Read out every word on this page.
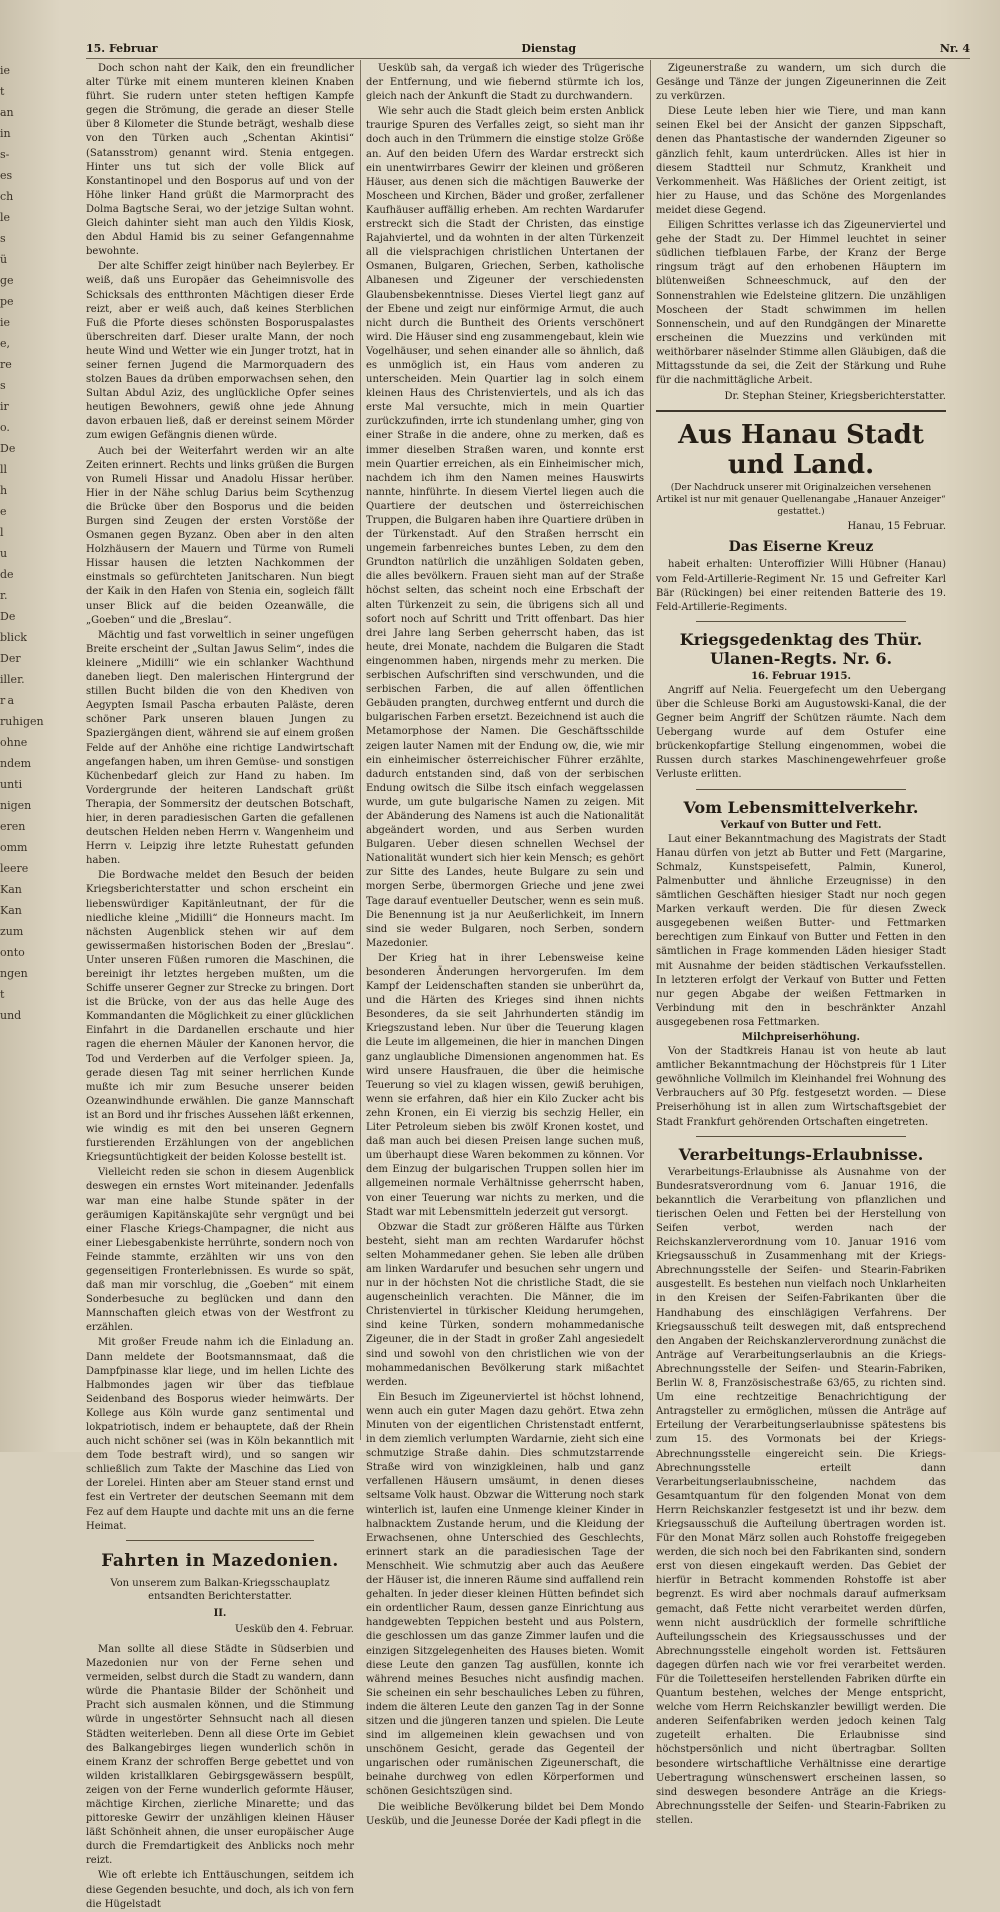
15. Februar	Dienstag	Nr. 4
ie
t
an
in
s-
es
ch
le
s
ü
ge
pe
ie
e,
re
s
ir
o.
De
ll
h
e
l
u
de
r.
De
blick
Der
iller.
r a
ruhigen
ohne
ndem
unti
nigen
eren
omm
leere
Kan
Kan
zum
onto
ngen
t
und

Doch schon naht der Kaik, den ein freundlicher alter Türke mit einem munteren kleinen Knaben führt. Sie rudern unter steten heftigen Kampfe gegen die Strömung, die gerade an dieser Stelle über 8 Kilometer die Stunde beträgt, weshalb diese von den Türken auch „Schentan Akintisi“ (Satansstrom) genannt wird. Stenia entgegen. Hinter uns tut sich der volle Blick auf Konstantinopel und den Bosporus auf und von der Höhe linker Hand grüßt die Marmorpracht des Dolma Bagtsche Serai, wo der jetzige Sultan wohnt. Gleich dahinter sieht man auch den Yildis Kiosk, den Abdul Hamid bis zu seiner Gefangennahme bewohnte.

Der alte Schiffer zeigt hinüber nach Beylerbey. Er weiß, daß uns Europäer das Geheimnisvolle des Schicksals des entthronten Mächtigen dieser Erde reizt, aber er weiß auch, daß keines Sterblichen Fuß die Pforte dieses schönsten Bosporuspalastes überschreiten darf. Dieser uralte Mann, der noch heute Wind und Wetter wie ein Junger trotzt, hat in seiner fernen Jugend die Marmorquadern des stolzen Baues da drüben emporwachsen sehen, den Sultan Abdul Aziz, des unglückliche Opfer seines heutigen Bewohners, gewiß ohne jede Ahnung davon erbauen ließ, daß er dereinst seinem Mörder zum ewigen Gefängnis dienen würde.

Auch bei der Weiterfahrt werden wir an alte Zeiten erinnert. Rechts und links grüßen die Burgen von Rumeli Hissar und Anadolu Hissar herüber. Hier in der Nähe schlug Darius beim Scythenzug die Brücke über den Bosporus und die beiden Burgen sind Zeugen der ersten Vorstöße der Osmanen gegen Byzanz. Oben aber in den alten Holzhäusern der Mauern und Türme von Rumeli Hissar hausen die letzten Nachkommen der einstmals so gefürchteten Janitscharen. Nun biegt der Kaik in den Hafen von Stenia ein, sogleich fällt unser Blick auf die beiden Ozeanwälle, die „Goeben“ und die „Breslau“.

Mächtig und fast vorweltlich in seiner ungefügen Breite erscheint der „Sultan Jawus Selim“, indes die kleinere „Midilli“ wie ein schlanker Wachthund daneben liegt. Den malerischen Hintergrund der stillen Bucht bilden die von den Khediven von Aegypten Ismail Pascha erbauten Paläste, deren schöner Park unseren blauen Jungen zu Spaziergängen dient, während sie auf einem großen Felde auf der Anhöhe eine richtige Landwirtschaft angefangen haben, um ihren Gemüse- und sonstigen Küchenbedarf gleich zur Hand zu haben. Im Vordergrunde der heiteren Landschaft grüßt Therapia, der Sommersitz der deutschen Botschaft, hier, in deren paradiesischen Garten die gefallenen deutschen Helden neben Herrn v. Wangenheim und Herrn v. Leipzig ihre letzte Ruhestatt gefunden haben.

Die Bordwache meldet den Besuch der beiden Kriegsberichterstatter und schon erscheint ein liebenswürdiger Kapitänleutnant, der für die niedliche kleine „Midilli“ die Honneurs macht. Im nächsten Augenblick stehen wir auf dem gewissermaßen historischen Boden der „Breslau“. Unter unseren Füßen rumoren die Maschinen, die bereinigt ihr letztes hergeben mußten, um die Schiffe unserer Gegner zur Strecke zu bringen. Dort ist die Brücke, von der aus das helle Auge des Kommandanten die Möglichkeit zu einer glücklichen Einfahrt in die Dardanellen erschaute und hier ragen die ehernen Mäuler der Kanonen hervor, die Tod und Verderben auf die Verfolger spieen. Ja, gerade diesen Tag mit seiner herrlichen Kunde mußte ich mir zum Besuche unserer beiden Ozeanwindhunde erwählen. Die ganze Mannschaft ist an Bord und ihr frisches Aussehen läßt erkennen, wie windig es mit den bei unseren Gegnern furstierenden Erzählungen von der angeblichen Kriegsuntüchtigkeit der beiden Kolosse bestellt ist.

Vielleicht reden sie schon in diesem Augenblick deswegen ein ernstes Wort miteinander. Jedenfalls war man eine halbe Stunde später in der geräumigen Kapitänskajüte sehr vergnügt und bei einer Flasche Kriegs-Champagner, die nicht aus einer Liebesgabenkiste herrührte, sondern noch von Feinde stammte, erzählten wir uns von den gegenseitigen Fronterlebnissen. Es wurde so spät, daß man mir vorschlug, die „Goeben“ mit einem Sonderbesuche zu beglücken und dann den Mannschaften gleich etwas von der Westfront zu erzählen.

Mit großer Freude nahm ich die Einladung an. Dann meldete der Bootsmannsmaat, daß die Dampfpinasse klar liege, und im hellen Lichte des Halbmondes jagen wir über das tiefblaue Seidenband des Bosporus wieder heimwärts. Der Kollege aus Köln wurde ganz sentimental und lokpatriotisch, indem er behauptete, daß der Rhein auch nicht schöner sei (was in Köln bekanntlich mit dem Tode bestraft wird), und so sangen wir schließlich zum Takte der Maschine das Lied von der Lorelei. Hinten aber am Steuer stand ernst und fest ein Vertreter der deutschen Seemann mit dem Fez auf dem Haupte und dachte mit uns an die ferne Heimat.

Fahrten in Mazedonien.
Von unserem zum Balkan-Kriegsschauplatz entsandten Berichterstatter.
II.
Uesküb den 4. Februar.

Man sollte all diese Städte in Südserbien und Mazedonien nur von der Ferne sehen und vermeiden, selbst durch die Stadt zu wandern, dann würde die Phantasie Bilder der Schönheit und Pracht sich ausmalen können, und die Stimmung würde in ungestörter Sehnsucht nach all diesen Städten weiterleben. Denn all diese Orte im Gebiet des Balkangebirges liegen wunderlich schön in einem Kranz der schroffen Berge gebettet und von wilden kristallklaren Gebirgsgewässern bespült, zeigen von der Ferne wunderlich geformte Häuser, mächtige Kirchen, zierliche Minarette; und das pittoreske Gewirr der unzähligen kleinen Häuser läßt Schönheit ahnen, die unser europäischer Auge durch die Fremdartigkeit des Anblicks noch mehr reizt.

Wie oft erlebte ich Enttäuschungen, seitdem ich diese Gegenden besuchte, und doch, als ich von fern die Hügelstadt

Uesküb sah, da vergaß ich wieder des Trügerische der Entfernung, und wie fiebernd stürmte ich los, gleich nach der Ankunft die Stadt zu durchwandern.

Wie sehr auch die Stadt gleich beim ersten Anblick traurige Spuren des Verfalles zeigt, so sieht man ihr doch auch in den Trümmern die einstige stolze Größe an. Auf den beiden Ufern des Wardar erstreckt sich ein unentwirrbares Gewirr der kleinen und größeren Häuser, aus denen sich die mächtigen Bauwerke der Moscheen und Kirchen, Bäder und großer, zerfallener Kaufhäuser auffällig erheben. Am rechten Wardarufer erstreckt sich die Stadt der Christen, das einstige Rajahviertel, und da wohnten in der alten Türkenzeit all die vielsprachigen christlichen Untertanen der Osmanen, Bulgaren, Griechen, Serben, katholische Albanesen und Zigeuner der verschiedensten Glaubensbekenntnisse. Dieses Viertel liegt ganz auf der Ebene und zeigt nur einförmige Armut, die auch nicht durch die Buntheit des Orients verschönert wird. Die Häuser sind eng zusammengebaut, klein wie Vogelhäuser, und sehen einander alle so ähnlich, daß es unmöglich ist, ein Haus vom anderen zu unterscheiden. Mein Quartier lag in solch einem kleinen Haus des Christenviertels, und als ich das erste Mal versuchte, mich in mein Quartier zurückzufinden, irrte ich stundenlang umher, ging von einer Straße in die andere, ohne zu merken, daß es immer dieselben Straßen waren, und konnte erst mein Quartier erreichen, als ein Einheimischer mich, nachdem ich ihm den Namen meines Hauswirts nannte, hinführte. In diesem Viertel liegen auch die Quartiere der deutschen und österreichischen Truppen, die Bulgaren haben ihre Quartiere drüben in der Türkenstadt. Auf den Straßen herrscht ein ungemein farbenreiches buntes Leben, zu dem den Grundton natürlich die unzähligen Soldaten geben, die alles bevölkern. Frauen sieht man auf der Straße höchst selten, das scheint noch eine Erbschaft der alten Türkenzeit zu sein, die übrigens sich all und sofort noch auf Schritt und Tritt offenbart. Das hier drei Jahre lang Serben geherrscht haben, das ist heute, drei Monate, nachdem die Bulgaren die Stadt eingenommen haben, nirgends mehr zu merken. Die serbischen Aufschriften sind verschwunden, und die serbischen Farben, die auf allen öffentlichen Gebäuden prangten, durchweg entfernt und durch die bulgarischen Farben ersetzt. Bezeichnend ist auch die Metamorphose der Namen. Die Geschäftsschilde zeigen lauter Namen mit der Endung ow, die, wie mir ein einheimischer österreichischer Führer erzählte, dadurch entstanden sind, daß von der serbischen Endung owitsch die Silbe itsch einfach weggelassen wurde, um gute bulgarische Namen zu zeigen. Mit der Abänderung des Namens ist auch die Nationalität abgeändert worden, und aus Serben wurden Bulgaren. Ueber diesen schnellen Wechsel der Nationalität wundert sich hier kein Mensch; es gehört zur Sitte des Landes, heute Bulgare zu sein und morgen Serbe, übermorgen Grieche und jene zwei Tage darauf eventueller Deutscher, wenn es sein muß. Die Benennung ist ja nur Aeußerlichkeit, im Innern sind sie weder Bulgaren, noch Serben, sondern Mazedonier.

Der Krieg hat in ihrer Lebensweise keine besonderen Änderungen hervorgerufen. Im dem Kampf der Leidenschaften standen sie unberührt da, und die Härten des Krieges sind ihnen nichts Besonderes, da sie seit Jahrhunderten ständig im Kriegszustand leben. Nur über die Teuerung klagen die Leute im allgemeinen, die hier in manchen Dingen ganz unglaubliche Dimensionen angenommen hat. Es wird unsere Hausfrauen, die über die heimische Teuerung so viel zu klagen wissen, gewiß beruhigen, wenn sie erfahren, daß hier ein Kilo Zucker acht bis zehn Kronen, ein Ei vierzig bis sechzig Heller, ein Liter Petroleum sieben bis zwölf Kronen kostet, und daß man auch bei diesen Preisen lange suchen muß, um überhaupt diese Waren bekommen zu können. Vor dem Einzug der bulgarischen Truppen sollen hier im allgemeinen normale Verhältnisse geherrscht haben, von einer Teuerung war nichts zu merken, und die Stadt war mit Lebensmitteln jederzeit gut versorgt.

Obzwar die Stadt zur größeren Hälfte aus Türken besteht, sieht man am rechten Wardarufer höchst selten Mohammedaner gehen. Sie leben alle drüben am linken Wardarufer und besuchen sehr ungern und nur in der höchsten Not die christliche Stadt, die sie augenscheinlich verachten. Die Männer, die im Christenviertel in türkischer Kleidung herumgehen, sind keine Türken, sondern mohammedanische Zigeuner, die in der Stadt in großer Zahl angesiedelt sind und sowohl von den christlichen wie von der mohammedanischen Bevölkerung stark mißachtet werden.

Ein Besuch im Zigeunerviertel ist höchst lohnend, wenn auch ein guter Magen dazu gehört. Etwa zehn Minuten von der eigentlichen Christenstadt entfernt, in dem ziemlich verlumpten Wardarnie, zieht sich eine schmutzige Straße dahin. Dies schmutzstarrende Straße wird von winzigkleinen, halb und ganz verfallenen Häusern umsäumt, in denen dieses seltsame Volk haust. Obzwar die Witterung noch stark winterlich ist, laufen eine Unmenge kleiner Kinder in halbnacktem Zustande herum, und die Kleidung der Erwachsenen, ohne Unterschied des Geschlechts, erinnert stark an die paradiesischen Tage der Menschheit. Wie schmutzig aber auch das Aeußere der Häuser ist, die inneren Räume sind auffallend rein gehalten. In jeder dieser kleinen Hütten befindet sich ein ordentlicher Raum, dessen ganze Einrichtung aus handgewebten Teppichen besteht und aus Polstern, die geschlossen um das ganze Zimmer laufen und die einzigen Sitzgelegenheiten des Hauses bieten. Womit diese Leute den ganzen Tag ausfüllen, konnte ich während meines Besuches nicht ausfindig machen. Sie scheinen ein sehr beschauliches Leben zu führen, indem die älteren Leute den ganzen Tag in der Sonne sitzen und die jüngeren tanzen und spielen. Die Leute sind im allgemeinen klein gewachsen und von unschönem Gesicht, gerade das Gegenteil der ungarischen oder rumänischen Zigeunerschaft, die beinahe durchweg von edlen Körperformen und schönen Gesichtszügen sind.

Die weibliche Bevölkerung bildet bei Dem Mondo Uesküb, und die Jeunesse Dorée der Kadi pflegt in die

Zigeunerstraße zu wandern, um sich durch die Gesänge und Tänze der jungen Zigeunerinnen die Zeit zu verkürzen.

Diese Leute leben hier wie Tiere, und man kann seinen Ekel bei der Ansicht der ganzen Sippschaft, denen das Phantastische der wandernden Zigeuner so gänzlich fehlt, kaum unterdrücken. Alles ist hier in diesem Stadtteil nur Schmutz, Krankheit und Verkommenheit. Was Häßliches der Orient zeitigt, ist hier zu Hause, und das Schöne des Morgenlandes meidet diese Gegend.

Eiligen Schrittes verlasse ich das Zigeunerviertel und gehe der Stadt zu. Der Himmel leuchtet in seiner südlichen tiefblauen Farbe, der Kranz der Berge ringsum trägt auf den erhobenen Häuptern im blütenweißen Schneeschmuck, auf den der Sonnenstrahlen wie Edelsteine glitzern. Die unzähligen Moscheen der Stadt schwimmen im hellen Sonnenschein, und auf den Rundgängen der Minarette erscheinen die Muezzins und verkünden mit weithörbarer näselnder Stimme allen Gläubigen, daß die Mittagsstunde da sei, die Zeit der Stärkung und Ruhe für die nachmittägliche Arbeit.

Dr. Stephan Steiner, Kriegsberichterstatter.
Aus Hanau Stadt und Land.
(Der Nachdruck unserer mit Originalzeichen versehenen Artikel ist nur mit genauer Quellenangabe „Hanauer Anzeiger“ gestattet.)
Hanau, 15 Februar.
Das Eiserne Kreuz

habeit erhalten: Unteroffizier Willi Hübner (Hanau) vom Feld-Artillerie-Regiment Nr. 15 und Gefreiter Karl Bär (Rückingen) bei einer reitenden Batterie des 19. Feld-Artillerie-Regiments.

Kriegsgedenktag des Thür. Ulanen-Regts. Nr. 6.
16. Februar 1915.

Angriff auf Nelia. Feuergefecht um den Uebergang über die Schleuse Borki am Augustowski-Kanal, die der Gegner beim Angriff der Schützen räumte. Nach dem Uebergang wurde auf dem Ostufer eine brückenkopfartige Stellung eingenommen, wobei die Russen durch starkes Maschinengewehrfeuer große Verluste erlitten.

Vom Lebensmittelverkehr.
Verkauf von Butter und Fett.

Laut einer Bekanntmachung des Magistrats der Stadt Hanau dürfen von jetzt ab Butter und Fett (Margarine, Schmalz, Kunstspeisefett, Palmin, Kunerol, Palmenbutter und ähnliche Erzeugnisse) in den sämtlichen Geschäften hiesiger Stadt nur noch gegen Marken verkauft werden. Die für diesen Zweck ausgegebenen weißen Butter- und Fettmarken berechtigen zum Einkauf von Butter und Fetten in den sämtlichen in Frage kommenden Läden hiesiger Stadt mit Ausnahme der beiden städtischen Verkaufsstellen. In letzteren erfolgt der Verkauf von Butter und Fetten nur gegen Abgabe der weißen Fettmarken in Verbindung mit den in beschränkter Anzahl ausgegebenen rosa Fettmarken.

Milchpreiserhöhung.

Von der Stadtkreis Hanau ist von heute ab laut amtlicher Bekanntmachung der Höchstpreis für 1 Liter gewöhnliche Vollmilch im Kleinhandel frei Wohnung des Verbrauchers auf 30 Pfg. festgesetzt worden. — Diese Preiserhöhung ist in allen zum Wirtschaftsgebiet der Stadt Frankfurt gehörenden Ortschaften eingetreten.

Verarbeitungs-Erlaubnisse.

Verarbeitungs-Erlaubnisse als Ausnahme von der Bundesratsverordnung vom 6. Januar 1916, die bekanntlich die Verarbeitung von pflanzlichen und tierischen Oelen und Fetten bei der Herstellung von Seifen verbot, werden nach der Reichskanzlerverordnung vom 10. Januar 1916 vom Kriegsausschuß in Zusammenhang mit der Kriegs-Abrechnungsstelle der Seifen- und Stearin-Fabriken ausgestellt. Es bestehen nun vielfach noch Unklarheiten in den Kreisen der Seifen-Fabrikanten über die Handhabung des einschlägigen Verfahrens. Der Kriegsausschuß teilt deswegen mit, daß entsprechend den Angaben der Reichskanzlerverordnung zunächst die Anträge auf Verarbeitungserlaubnis an die Kriegs-Abrechnungsstelle der Seifen- und Stearin-Fabriken, Berlin W. 8, Französischestraße 63/65, zu richten sind. Um eine rechtzeitige Benachrichtigung der Antragsteller zu ermöglichen, müssen die Anträge auf Erteilung der Verarbeitungserlaubnisse spätestens bis zum 15. des Vormonats bei der Kriegs-Abrechnungsstelle eingereicht sein. Die Kriegs-Abrechnungsstelle erteilt dann Verarbeitungserlaubnisscheine, nachdem das Gesamtquantum für den folgenden Monat von dem Herrn Reichskanzler festgesetzt ist und ihr bezw. dem Kriegsausschuß die Aufteilung übertragen worden ist. Für den Monat März sollen auch Rohstoffe freigegeben werden, die sich noch bei den Fabrikanten sind, sondern erst von diesen eingekauft werden. Das Gebiet der hierfür in Betracht kommenden Rohstoffe ist aber begrenzt. Es wird aber nochmals darauf aufmerksam gemacht, daß Fette nicht verarbeitet werden dürfen, wenn nicht ausdrücklich der formelle schriftliche Aufteilungsschein des Kriegsausschusses und der Abrechnungsstelle eingeholt worden ist. Fettsäuren dagegen dürfen nach wie vor frei verarbeitet werden. Für die Toiletteseifen herstellenden Fabriken dürfte ein Quantum bestehen, welches der Menge entspricht, welche vom Herrn Reichskanzler bewilligt werden. Die anderen Seifenfabriken werden jedoch keinen Talg zugeteilt erhalten. Die Erlaubnisse sind höchstpersönlich und nicht übertragbar. Sollten besondere wirtschaftliche Verhältnisse eine derartige Uebertragung wünschenswert erscheinen lassen, so sind deswegen besondere Anträge an die Kriegs-Abrechnungsstelle der Seifen- und Stearin-Fabriken zu stellen.
